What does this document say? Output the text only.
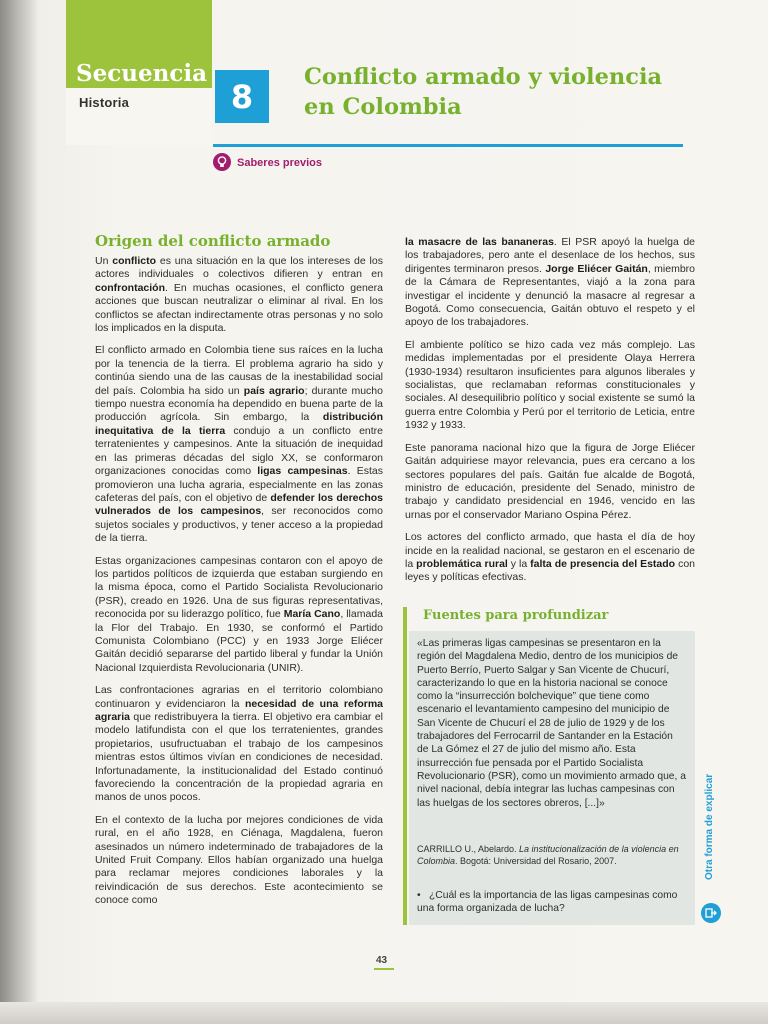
Secuencia
Historia	8
Conflicto armado y violencia
en Colombia
Saberes previos
Origen del conflicto armado

Un conflicto es una situación en la que los intereses de los actores individuales o colectivos difieren y entran en confrontación. En muchas ocasiones, el conflicto genera acciones que buscan neutralizar o eliminar al rival. En los conflictos se afectan indirectamente otras personas y no solo los implicados en la disputa.

El conflicto armado en Colombia tiene sus raíces en la lucha por la tenencia de la tierra. El problema agrario ha sido y continúa siendo una de las causas de la inestabilidad social del país. Colombia ha sido un país agrario; durante mucho tiempo nuestra economía ha dependido en buena parte de la producción agrícola. Sin embargo, la distribución inequitativa de la tierra condujo a un conflicto entre terratenientes y campesinos. Ante la situación de inequidad en las primeras décadas del siglo XX, se conformaron organizaciones conocidas como ligas campesinas. Estas promovieron una lucha agraria, especialmente en las zonas cafeteras del país, con el objetivo de defender los derechos vulnerados de los campesinos, ser reconocidos como sujetos sociales y productivos, y tener acceso a la propiedad de la tierra.

Estas organizaciones campesinas contaron con el apoyo de los partidos políticos de izquierda que estaban surgiendo en la misma época, como el Partido Socialista Revolucionario (PSR), creado en 1926. Una de sus figuras representativas, reconocida por su liderazgo político, fue María Cano, llamada la Flor del Trabajo. En 1930, se conformó el Partido Comunista Colombiano (PCC) y en 1933 Jorge Eliécer Gaitán decidió separarse del partido liberal y fundar la Unión Nacional Izquierdista Revolucionaria (UNIR).

Las confrontaciones agrarias en el territorio colombiano continuaron y evidenciaron la necesidad de una reforma agraria que redistribuyera la tierra. El objetivo era cambiar el modelo latifundista con el que los terratenientes, grandes propietarios, usufructuaban el trabajo de los campesinos mientras estos últimos vivían en condiciones de necesidad. Infortunadamente, la institucionalidad del Estado continuó favoreciendo la concentración de la propiedad agraria en manos de unos pocos.

En el contexto de la lucha por mejores condiciones de vida rural, en el año 1928, en Ciénaga, Magdalena, fueron asesinados un número indeterminado de trabajadores de la United Fruit Company. Ellos habían organizado una huelga para reclamar mejores condiciones laborales y la reivindicación de sus derechos. Este acontecimiento se conoce como

la masacre de las bananeras. El PSR apoyó la huelga de los trabajadores, pero ante el desenlace de los hechos, sus dirigentes terminaron presos. Jorge Eliécer Gaitán, miembro de la Cámara de Representantes, viajó a la zona para investigar el incidente y denunció la masacre al regresar a Bogotá. Como consecuencia, Gaitán obtuvo el respeto y el apoyo de los trabajadores.

El ambiente político se hizo cada vez más complejo. Las medidas implementadas por el presidente Olaya Herrera (1930-1934) resultaron insuficientes para algunos liberales y socialistas, que reclamaban reformas constitucionales y sociales. Al desequilibrio político y social existente se sumó la guerra entre Colombia y Perú por el territorio de Leticia, entre 1932 y 1933.

Este panorama nacional hizo que la figura de Jorge Eliécer Gaitán adquiriese mayor relevancia, pues era cercano a los sectores populares del país. Gaitán fue alcalde de Bogotá, ministro de educación, presidente del Senado, ministro de trabajo y candidato presidencial en 1946, vencido en las urnas por el conservador Mariano Ospina Pérez.

Los actores del conflicto armado, que hasta el día de hoy incide en la realidad nacional, se gestaron en el escenario de la problemática rural y la falta de presencia del Estado con leyes y políticas efectivas.

Fuentes para profundizar
«Las primeras ligas campesinas se presentaron en la región del Magdalena Medio, dentro de los municipios de Puerto Berrío, Puerto Salgar y San Vicente de Chucurí, caracterizando lo que en la historia nacional se conoce como la “insurrección bolchevique” que tiene como escenario el levantamiento campesino del municipio de San Vicente de Chucurí el 28 de julio de 1929 y de los trabajadores del Ferrocarril de Santander en la Estación de La Gómez el 27 de julio del mismo año. Esta insurrección fue pensada por el Partido Socialista Revolucionario (PSR), como un movimiento armado que, a nivel nacional, debía integrar las luchas campesinas con las huelgas de los sectores obreros, [...]»
CARRILLO U., Abelardo. La institucionalización de la violencia en Colombia. Bogotá: Universidad del Rosario, 2007.
• ¿Cuál es la importancia de las ligas campesinas como una forma organizada de lucha?
Otra forma de explicar
43
